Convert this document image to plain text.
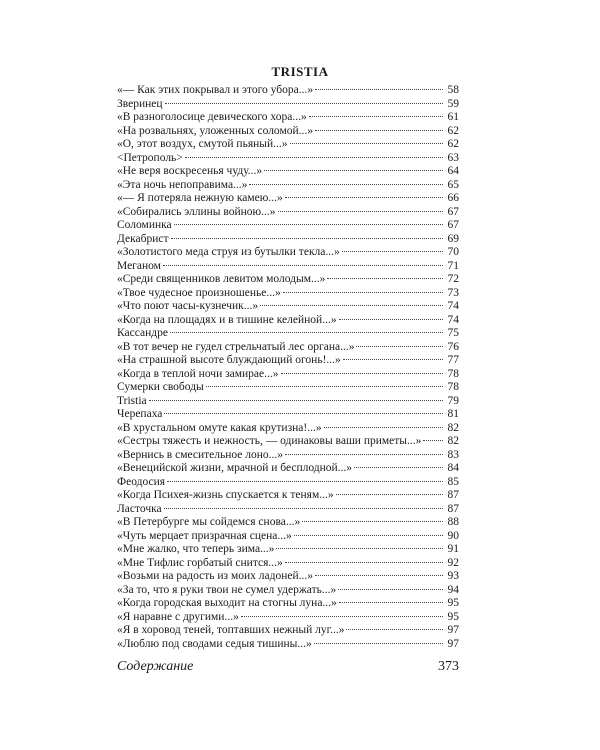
TRISTIA
«— Как этих покрывал и этого убора...»	58
Зверинец	59
«В разноголосице девического хора...»	61
«На розвальнях, уложенных соломой...»	62
«О, этот воздух, смутой пьяный...»	62
<Петрополь>	63
«Не веря воскресенья чуду...»	64
«Эта ночь непоправима...»	65
«— Я потеряла нежную камею...»	66
«Собирались эллины войною...»	67
Соломинка	67
Декабрист	69
«Золотистого меда струя из бутылки текла...»	70
Меганом	71
«Среди священников левитом молодым...»	72
«Твое чудесное произношенье...»	73
«Что поют часы-кузнечик...»	74
«Когда на площадях и в тишине келейной...»	74
Кассандре	75
«В тот вечер не гудел стрельчатый лес органа...»	76
«На страшной высоте блуждающий огонь!...»	77
«Когда в теплой ночи замирае...»	78
Сумерки свободы	78
Tristia	79
Черепаха	81
«В хрустальном омуте какая крутизна!...»	82
«Сестры тяжесть и нежность, — одинаковы ваши приметы...» 82
«Вернись в смесительное лоно...»	83
«Венецийской жизни, мрачной и бесплодной...»	84
Феодосия	85
«Когда Психея-жизнь спускается к теням...»	87
Ласточка	87
«В Петербурге мы сойдемся снова...»	88
«Чуть мерцает призрачная сцена...»	90
«Мне жалко, что теперь зима...»	91
«Мне Тифлис горбатый снится...»	92
«Возьми на радость из моих ладоней...»	93
«За то, что я руки твои не сумел удержать...»	94
«Когда городская выходит на стогны луна...»	95
«Я наравне с другими...»	95
«Я в хоровод теней, топтавших нежный луг...»	97
«Люблю под сводами седыя тишины...»	97
Содержание	373
